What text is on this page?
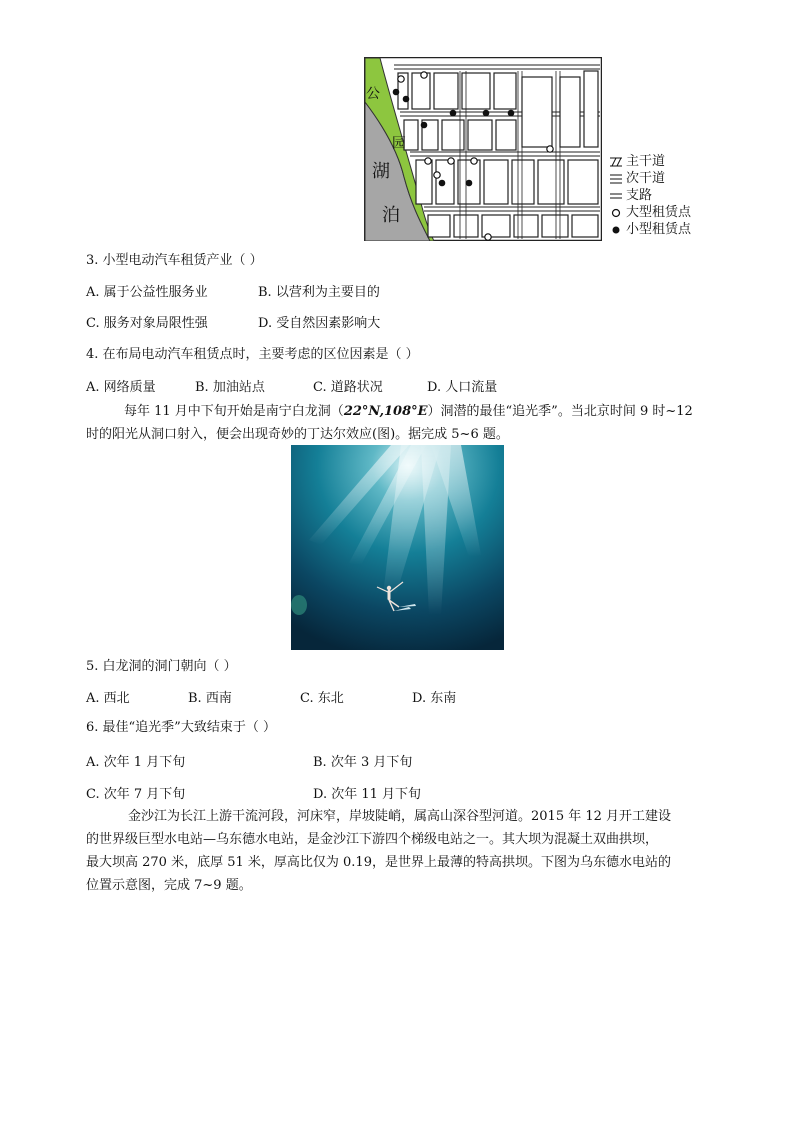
公
园
湖
泊
主干道
次干道
支路
大型租赁点
小型租赁点
3. 小型电动汽车租赁产业（ ）
A. 属于公益性服务业	B. 以营利为主要目的
C. 服务对象局限性强	D. 受自然因素影响大
4. 在布局电动汽车租赁点时，主要考虑的区位因素是（ ）
A. 网络质量	B. 加油站点	C. 道路状况	D. 人口流量
每年 11 月中下旬开始是南宁白龙洞（22°N,108°E）洞潜的最佳“追光季”。当北京时间 9 时~12
时的阳光从洞口射入，便会出现奇妙的丁达尔效应(图)。据完成 5~6 题。
5. 白龙洞的洞门朝向（ ）
A. 西北	B. 西南	C. 东北	D. 东南
6. 最佳“追光季”大致结束于（ ）
A. 次年 1 月下旬	B. 次年 3 月下旬
C. 次年 7 月下旬	D. 次年 11 月下旬
金沙江为长江上游干流河段，河床窄，岸坡陡峭，属高山深谷型河道。2015 年 12 月开工建设
的世界级巨型水电站—乌东德水电站，是金沙江下游四个梯级电站之一。其大坝为混凝土双曲拱坝，
最大坝高 270 米，底厚 51 米，厚高比仅为 0.19，是世界上最薄的特高拱坝。下图为乌东德水电站的
位置示意图，完成 7~9 题。
